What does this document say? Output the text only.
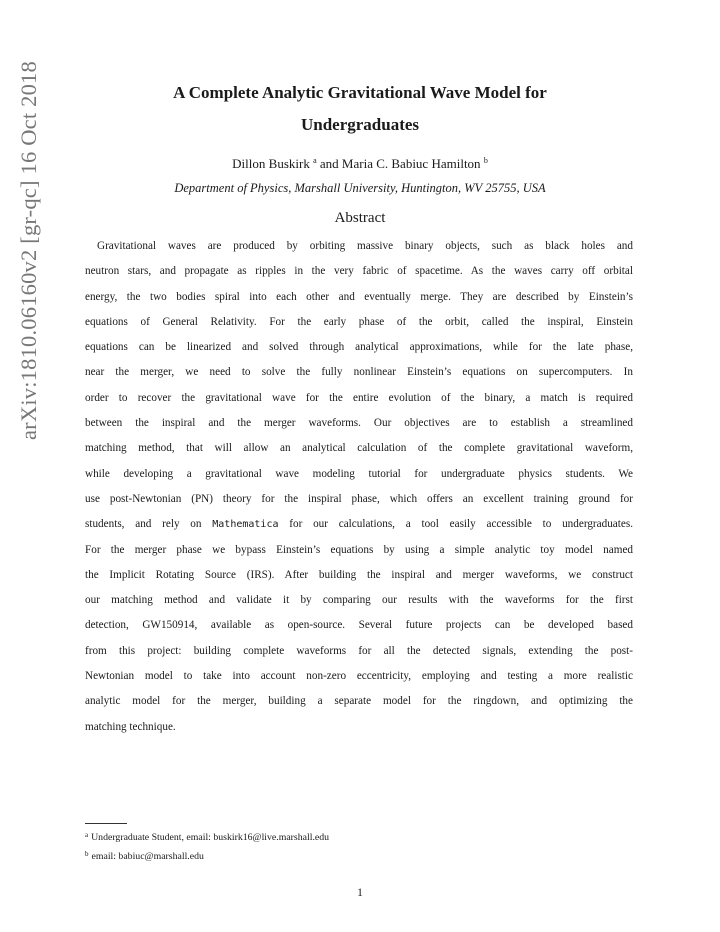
arXiv:1810.06160v2 [gr-qc] 16 Oct 2018	A Complete Analytic Gravitational Wave Model for
Undergraduates
Dillon Buskirk $^a$ and Maria C. Babiuc Hamilton $^b$
Department of Physics, Marshall University, Huntington, WV 25755, USA
Abstract
Gravitational waves are produced by orbiting massive binary objects, such as black holes and
neutron stars, and propagate as ripples in the very fabric of spacetime. As the waves carry off orbital
energy, the two bodies spiral into each other and eventually merge. They are described by Einstein’s
equations of General Relativity. For the early phase of the orbit, called the inspiral, Einstein
equations can be linearized and solved through analytical approximations, while for the late phase,
near the merger, we need to solve the fully nonlinear Einstein’s equations on supercomputers. In
order to recover the gravitational wave for the entire evolution of the binary, a match is required
between the inspiral and the merger waveforms. Our objectives are to establish a streamlined
matching method, that will allow an analytical calculation of the complete gravitational waveform,
while developing a gravitational wave modeling tutorial for undergraduate physics students. We
use post-Newtonian (PN) theory for the inspiral phase, which offers an excellent training ground for
students, and rely on Mathematica for our calculations, a tool easily accessible to undergraduates.
For the merger phase we bypass Einstein’s equations by using a simple analytic toy model named
the Implicit Rotating Source (IRS). After building the inspiral and merger waveforms, we construct
our matching method and validate it by comparing our results with the waveforms for the first
detection, GW150914, available as open-source. Several future projects can be developed based
from this project: building complete waveforms for all the detected signals, extending the post-
Newtonian model to take into account non-zero eccentricity, employing and testing a more realistic
analytic model for the merger, building a separate model for the ringdown, and optimizing the
matching technique.
$^a$ Undergraduate Student, email: buskirk16@live.marshall.edu
$^b$ email: babiuc@marshall.edu
1
